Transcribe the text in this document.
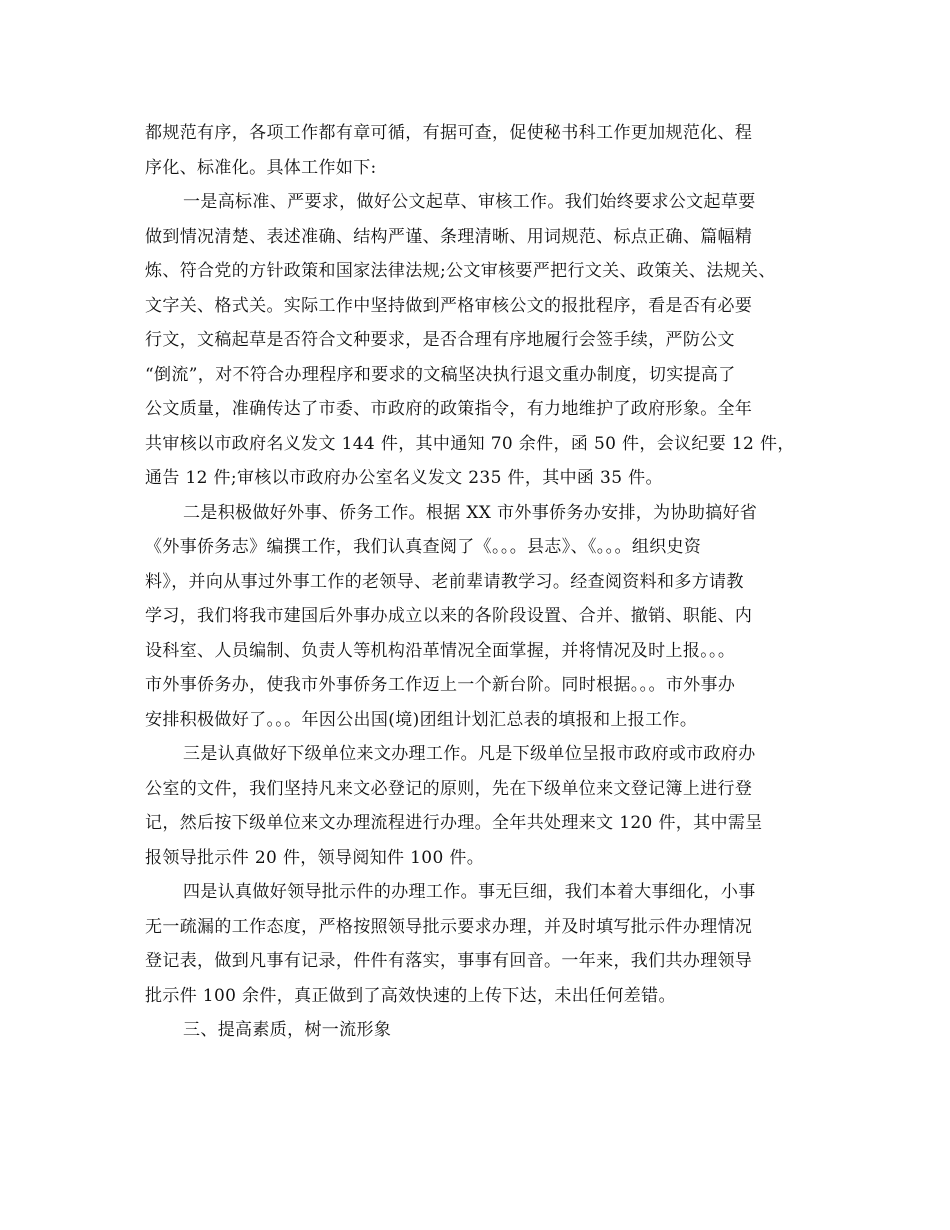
都规范有序，各项工作都有章可循，有据可查，促使秘书科工作更加规范化、程
序化、标准化。具体工作如下:
一是高标准、严要求，做好公文起草、审核工作。我们始终要求公文起草要
做到情况清楚、表述准确、结构严谨、条理清晰、用词规范、标点正确、篇幅精
炼、符合党的方针政策和国家法律法规;公文审核要严把行文关、政策关、法规关、
文字关、格式关。实际工作中坚持做到严格审核公文的报批程序，看是否有必要
行文，文稿起草是否符合文种要求，是否合理有序地履行会签手续，严防公文
“倒流”，对不符合办理程序和要求的文稿坚决执行退文重办制度，切实提高了
公文质量，准确传达了市委、市政府的政策指令，有力地维护了政府形象。全年
共审核以市政府名义发文 144 件，其中通知 70 余件，函 50 件，会议纪要 12 件，
通告 12 件;审核以市政府办公室名义发文 235 件，其中函 35 件。
二是积极做好外事、侨务工作。根据 XX 市外事侨务办安排，为协助搞好省
《外事侨务志》编撰工作，我们认真查阅了《。。。县志》、《。。。组织史资
料》，并向从事过外事工作的老领导、老前辈请教学习。经查阅资料和多方请教
学习，我们将我市建国后外事办成立以来的各阶段设置、合并、撤销、职能、内
设科室、人员编制、负责人等机构沿革情况全面掌握，并将情况及时上报。。。
市外事侨务办，使我市外事侨务工作迈上一个新台阶。同时根据。。。市外事办
安排积极做好了。。。年因公出国(境)团组计划汇总表的填报和上报工作。
三是认真做好下级单位来文办理工作。凡是下级单位呈报市政府或市政府办
公室的文件，我们坚持凡来文必登记的原则，先在下级单位来文登记簿上进行登
记，然后按下级单位来文办理流程进行办理。全年共处理来文 120 件，其中需呈
报领导批示件 20 件，领导阅知件 100 件。
四是认真做好领导批示件的办理工作。事无巨细，我们本着大事细化，小事
无一疏漏的工作态度，严格按照领导批示要求办理，并及时填写批示件办理情况
登记表，做到凡事有记录，件件有落实，事事有回音。一年来，我们共办理领导
批示件 100 余件，真正做到了高效快速的上传下达，未出任何差错。
三、提高素质，树一流形象
